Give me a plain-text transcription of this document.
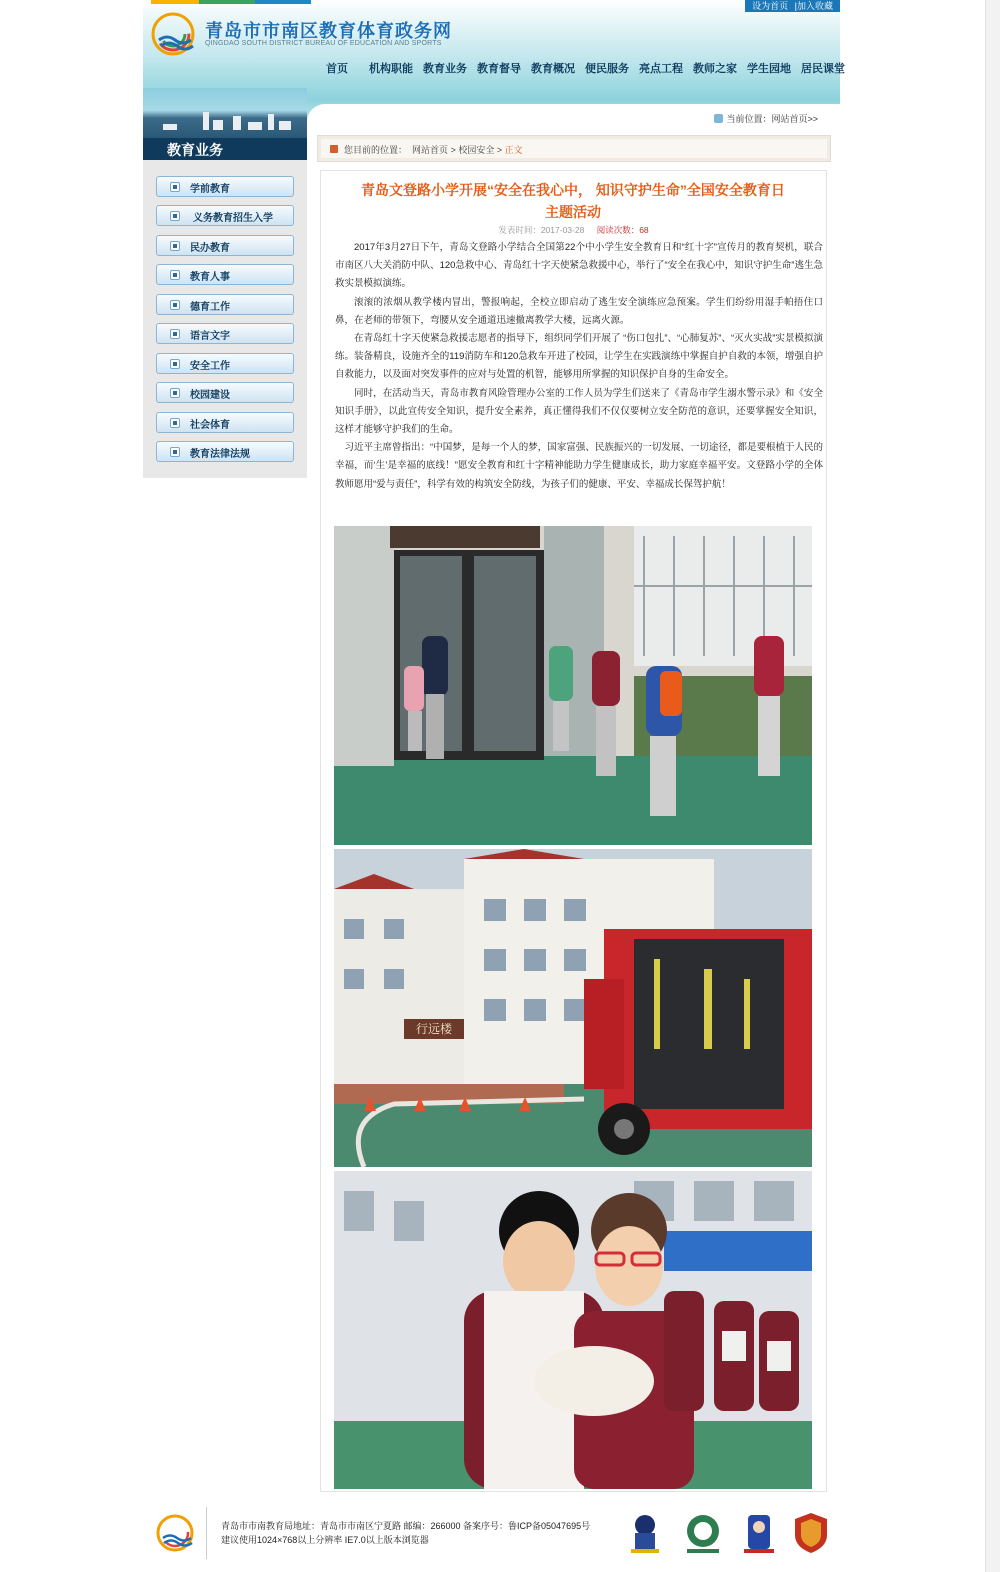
设为首页 |加入收藏
青岛市市南区教育体育政务网
QINGDAO SOUTH DISTRICT BUREAU OF EDUCATION AND SPORTS
首页	机构职能 教育业务 教育督导 教育概况 便民服务 亮点工程 教师之家 学生园地 居民课堂
当前位置：网站首页>>
教育业务
学前教育
义务教育招生入学
民办教育
教育人事
德育工作
语言文字
安全工作
校园建设
社会体育
教育法律法规
您目前的位置： 网站首页 > 校园安全 > 正文
青岛文登路小学开展“安全在我心中， 知识守护生命”全国安全教育日
主题活动
发表时间：2017-03-28 阅读次数：68

2017年3月27日下午，青岛文登路小学结合全国第22个中小学生安全教育日和“红十字”宣传月的教育契机，联合市南区八大关消防中队、120急救中心、青岛红十字天使紧急救援中心，举行了“安全在我心中，知识守护生命”逃生急救实景模拟演练。

滚滚的浓烟从教学楼内冒出，警报响起，全校立即启动了逃生安全演练应急预案。学生们纷纷用湿手帕捂住口鼻，在老师的带领下，弯腰从安全通道迅速撤离教学大楼，远离火源。

在青岛红十字天使紧急救援志愿者的指导下，组织同学们开展了 “伤口包扎”、“心肺复苏”、“灭火实战”实景模拟演练。装备精良，设施齐全的119消防车和120急救车开进了校园，让学生在实践演练中掌握自护自救的本领，增强自护自救能力，以及面对突发事件的应对与处置的机智，能够用所掌握的知识保护自身的生命安全。

同时，在活动当天，青岛市教育风险管理办公室的工作人员为学生们送来了《青岛市学生溺水警示录》和《安全知识手册》，以此宣传安全知识，提升安全素养，真正懂得我们不仅仅要树立安全防范的意识，还要掌握安全知识，这样才能够守护我们的生命。

习近平主席曾指出：“中国梦，是每一个人的梦，国家富强、民族振兴的一切发展、一切途径，都是要根植于人民的幸福，而‘生’是幸福的底线！”愿安全教育和红十字精神能助力学生健康成长，助力家庭幸福平安。文登路小学的全体教师愿用“爱与责任”，科学有效的构筑安全防线，为孩子们的健康、平安、幸福成长保驾护航！

行远楼
青岛市市南教育局地址：青岛市市南区宁夏路 邮编：266000 备案序号：鲁ICP备05047695号
建议使用1024×768以上分辨率 IE7.0以上版本浏览器
